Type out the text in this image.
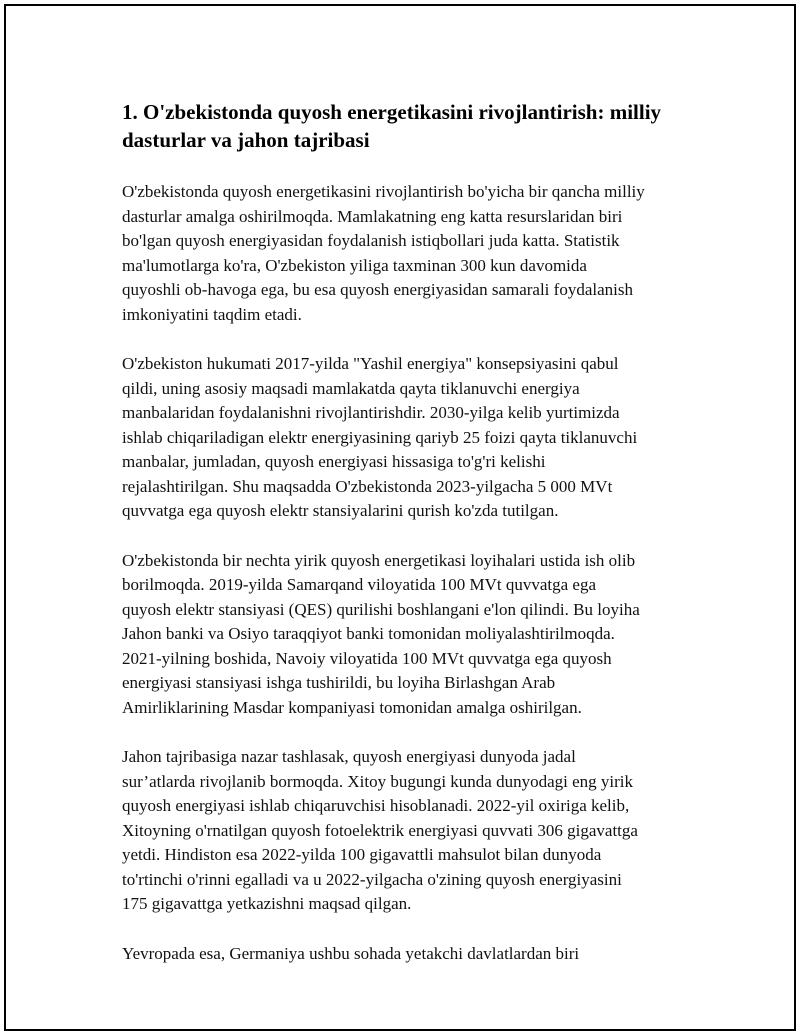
1. O'zbekistonda quyosh energetikasini rivojlantirish: milliy
dasturlar va jahon tajribasi

O'zbekistonda quyosh energetikasini rivojlantirish bo'yicha bir qancha milliy
dasturlar amalga oshirilmoqda. Mamlakatning eng katta resurslaridan biri
bo'lgan quyosh energiyasidan foydalanish istiqbollari juda katta. Statistik
ma'lumotlarga ko'ra, O'zbekiston yiliga taxminan 300 kun davomida
quyoshli ob-havoga ega, bu esa quyosh energiyasidan samarali foydalanish
imkoniyatini taqdim etadi.

O'zbekiston hukumati 2017-yilda "Yashil energiya" konsepsiyasini qabul
qildi, uning asosiy maqsadi mamlakatda qayta tiklanuvchi energiya
manbalaridan foydalanishni rivojlantirishdir. 2030-yilga kelib yurtimizda
ishlab chiqariladigan elektr energiyasining qariyb 25 foizi qayta tiklanuvchi
manbalar, jumladan, quyosh energiyasi hissasiga to'g'ri kelishi
rejalashtirilgan. Shu maqsadda O'zbekistonda 2023-yilgacha 5 000 MVt
quvvatga ega quyosh elektr stansiyalarini qurish ko'zda tutilgan.

O'zbekistonda bir nechta yirik quyosh energetikasi loyihalari ustida ish olib
borilmoqda. 2019-yilda Samarqand viloyatida 100 MVt quvvatga ega
quyosh elektr stansiyasi (QES) qurilishi boshlangani e'lon qilindi. Bu loyiha
Jahon banki va Osiyo taraqqiyot banki tomonidan moliyalashtirilmoqda.
2021-yilning boshida, Navoiy viloyatida 100 MVt quvvatga ega quyosh
energiyasi stansiyasi ishga tushirildi, bu loyiha Birlashgan Arab
Amirliklarining Masdar kompaniyasi tomonidan amalga oshirilgan.

Jahon tajribasiga nazar tashlasak, quyosh energiyasi dunyoda jadal
sur’atlarda rivojlanib bormoqda. Xitoy bugungi kunda dunyodagi eng yirik
quyosh energiyasi ishlab chiqaruvchisi hisoblanadi. 2022-yil oxiriga kelib,
Xitoyning o'rnatilgan quyosh fotoelektrik energiyasi quvvati 306 gigavattga
yetdi. Hindiston esa 2022-yilda 100 gigavattli mahsulot bilan dunyoda
to'rtinchi o'rinni egalladi va u 2022-yilgacha o'zining quyosh energiyasini
175 gigavattga yetkazishni maqsad qilgan.

Yevropada esa, Germaniya ushbu sohada yetakchi davlatlardan biri
